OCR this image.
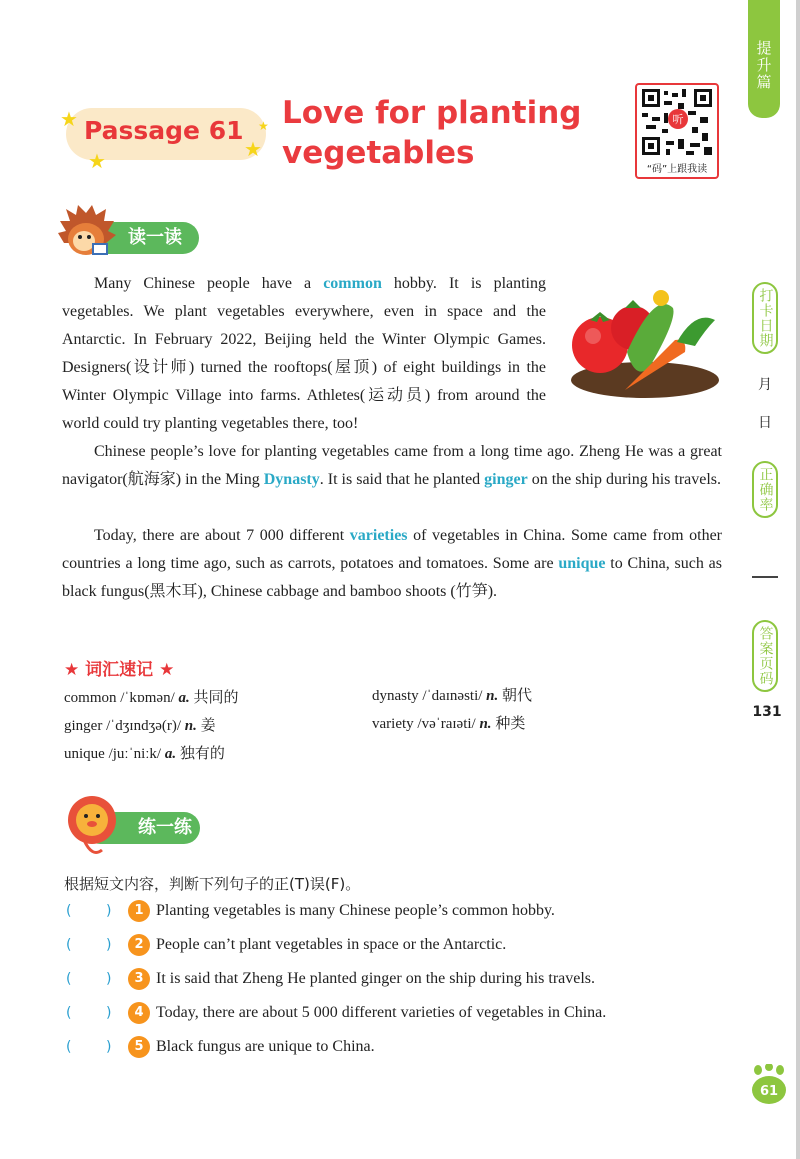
提升篇
打卡日期
月
日
正确率
答案页码
131
Passage 61
★
★
★
★ Love for planting
vegetables
听
“码”上跟我读
读一读
Many Chinese people have a common hobby. It is planting vegetables. We plant vegetables everywhere, even in space and the Antarctic. In February 2022, Beijing held the Winter Olympic Games. Designers(设计师) turned the rooftops(屋顶) of eight buildings in the Winter Olympic Village into farms. Athletes(运动员) from around the world could try planting vegetables there, too!
Chinese people’s love for planting vegetables came from a long time ago. Zheng He was a great navigator(航海家) in the Ming Dynasty. It is said that he planted ginger on the ship during his travels.
Today, there are about 7 000 different varieties of vegetables in China. Some came from other countries a long time ago, such as carrots, potatoes and tomatoes. Some are unique to China, such as black fungus(黑木耳), Chinese cabbage and bamboo shoots (竹笋).
★ 词汇速记 ★
common /ˈkɒmən/ a. 共同的	dynasty /ˈdaɪnəsti/ n. 朝代
ginger /ˈdʒɪndʒə(r)/ n. 姜	variety /vəˈraɪəti/ n. 种类
unique /juːˈniːk/ a. 独有的
练一练
根据短文内容，判断下列句子的正(T)误(F)。
( )	1 Planting vegetables is many Chinese people’s common hobby.
( )	2 People can’t plant vegetables in space or the Antarctic.
( )	3 It is said that Zheng He planted ginger on the ship during his travels.
( )	4 Today, there are about 5 000 different varieties of vegetables in China.
( )	5 Black fungus are unique to China.
61
